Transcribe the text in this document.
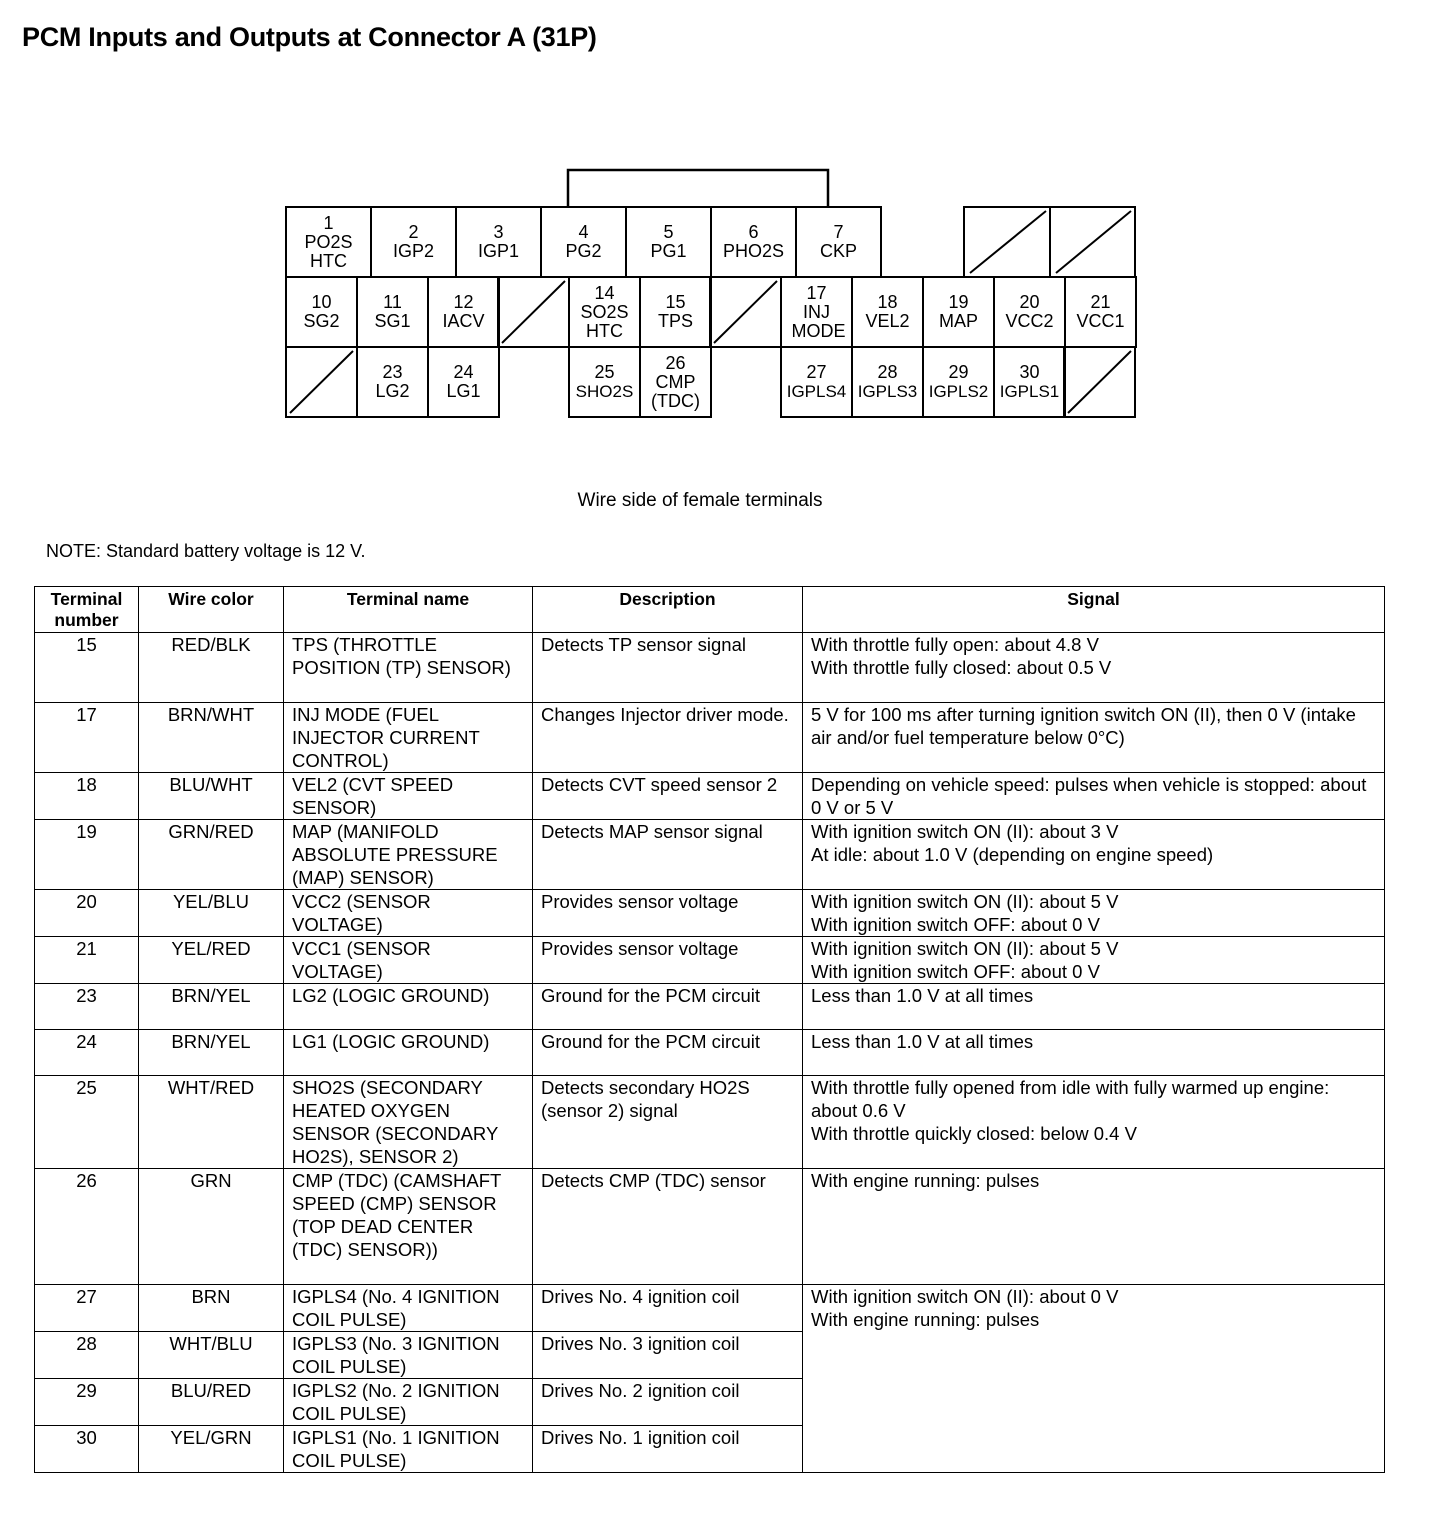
PCM Inputs and Outputs at Connector A (31P)
1
PO2S HTC
2
IGP2
3
IGP1
4
PG2
5
PG1
6
PHO2S
7
CKP
10
SG2
11
SG1
12
IACV
14
SO2S HTC
15
TPS
17
INJ MODE
18
VEL2
19
MAP
20
VCC2
21
VCC1
23
LG2
24
LG1
25
SHO2S
26
CMP (TDC)
27
IGPLS4
28
IGPLS3
29
IGPLS2
30
IGPLS1
Wire side of female terminals
NOTE: Standard battery voltage is 12 V.
Terminal number	Wire color	Terminal name	Description	Signal
15	RED/BLK	TPS (THROTTLE POSITION (TP) SENSOR)	Detects TP sensor signal	With throttle fully open: about 4.8 V
With throttle fully closed: about 0.5 V

17	BRN/WHT	INJ MODE (FUEL INJECTOR CURRENT CONTROL)	Changes Injector driver mode.	5 V for 100 ms after turning ignition switch ON (II), then 0 V (intake air and/or fuel temperature below 0°C)

18	BLU/WHT	VEL2 (CVT SPEED SENSOR)	Detects CVT speed sensor 2	Depending on vehicle speed: pulses when vehicle is stopped: about 0 V or 5 V

19	GRN/RED	MAP (MANIFOLD ABSOLUTE PRESSURE (MAP) SENSOR)	Detects MAP sensor signal	With ignition switch ON (II): about 3 V
At idle: about 1.0 V (depending on engine speed)

20	YEL/BLU	VCC2 (SENSOR VOLTAGE)	Provides sensor voltage	With ignition switch ON (II): about 5 V
With ignition switch OFF: about 0 V

21	YEL/RED	VCC1 (SENSOR VOLTAGE)	Provides sensor voltage	With ignition switch ON (II): about 5 V
With ignition switch OFF: about 0 V

23	BRN/YEL	LG2 (LOGIC GROUND)	Ground for the PCM circuit	Less than 1.0 V at all times

24	BRN/YEL	LG1 (LOGIC GROUND)	Ground for the PCM circuit	Less than 1.0 V at all times

25	WHT/RED	SHO2S (SECONDARY HEATED OXYGEN SENSOR (SECONDARY HO2S), SENSOR 2)	Detects secondary HO2S (sensor 2) signal	With throttle fully opened from idle with fully warmed up engine: about 0.6 V
With throttle quickly closed: below 0.4 V

26	GRN	CMP (TDC) (CAMSHAFT SPEED (CMP) SENSOR (TOP DEAD CENTER (TDC) SENSOR))	Detects CMP (TDC) sensor	With engine running: pulses

27	BRN	IGPLS4 (No. 4 IGNITION COIL PULSE)	Drives No. 4 ignition coil	With ignition switch ON (II): about 0 V
With engine running: pulses

28	WHT/BLU	IGPLS3 (No. 3 IGNITION COIL PULSE)	Drives No. 3 ignition coil	
29	BLU/RED	IGPLS2 (No. 2 IGNITION COIL PULSE)	Drives No. 2 ignition coil	
30	YEL/GRN	IGPLS1 (No. 1 IGNITION COIL PULSE)	Drives No. 1 ignition coil	
